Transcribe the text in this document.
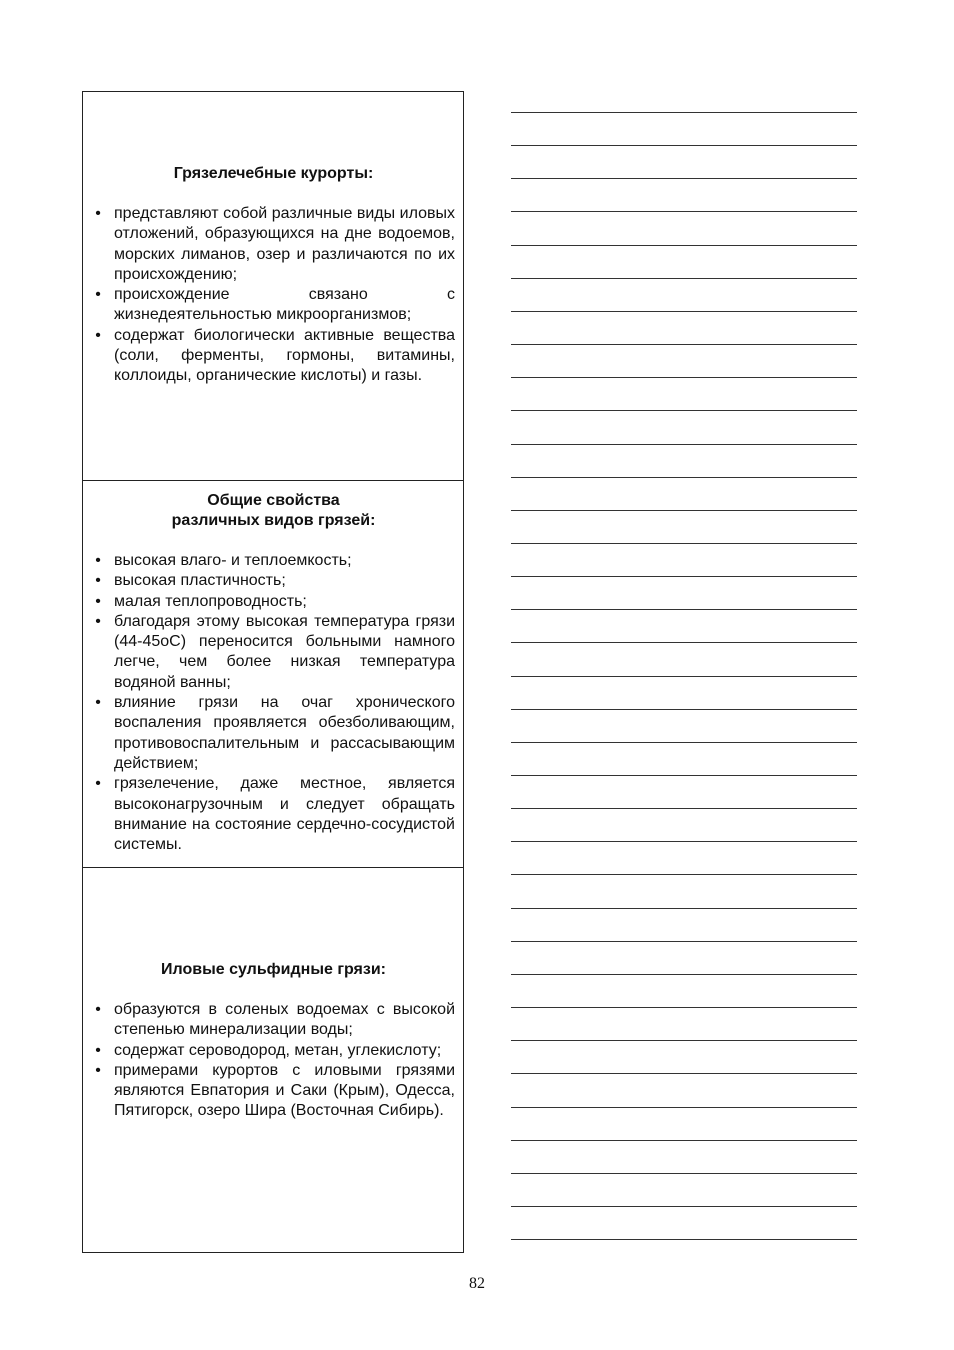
Грязелечебные курорты:
• представляют собой различные виды иловых отложений, образующихся на дне водоемов, морских лиманов, озер и различаются по их происхождению;
• происхождение связано с жизнедеятельностью микроорганизмов;
• содержат биологически активные вещества (соли, ферменты, гормоны, витамины, коллоиды, органические кислоты) и газы.
Общие свойства
различных видов грязей:
• высокая влаго- и теплоемкость;
• высокая пластичность;
• малая теплопроводность;
• благодаря этому высокая температура грязи (44-45оС) переносится больными намного легче, чем более низкая температура водяной ванны;
• влияние грязи на очаг хронического воспаления проявляется обезболивающим, противовоспалительным и рассасывающим действием;
• грязелечение, даже местное, является высоконагрузочным и следует обращать внимание на состояние сердечно-сосудистой системы.
Иловые сульфидные грязи:
• образуются в соленых водоемах с высокой степенью минерализации воды;
• содержат сероводород, метан, углекислоту;
• примерами курортов с иловыми грязями являются Евпатория и Саки (Крым), Одесса, Пятигорск, озеро Шира (Восточная Сибирь).
82
